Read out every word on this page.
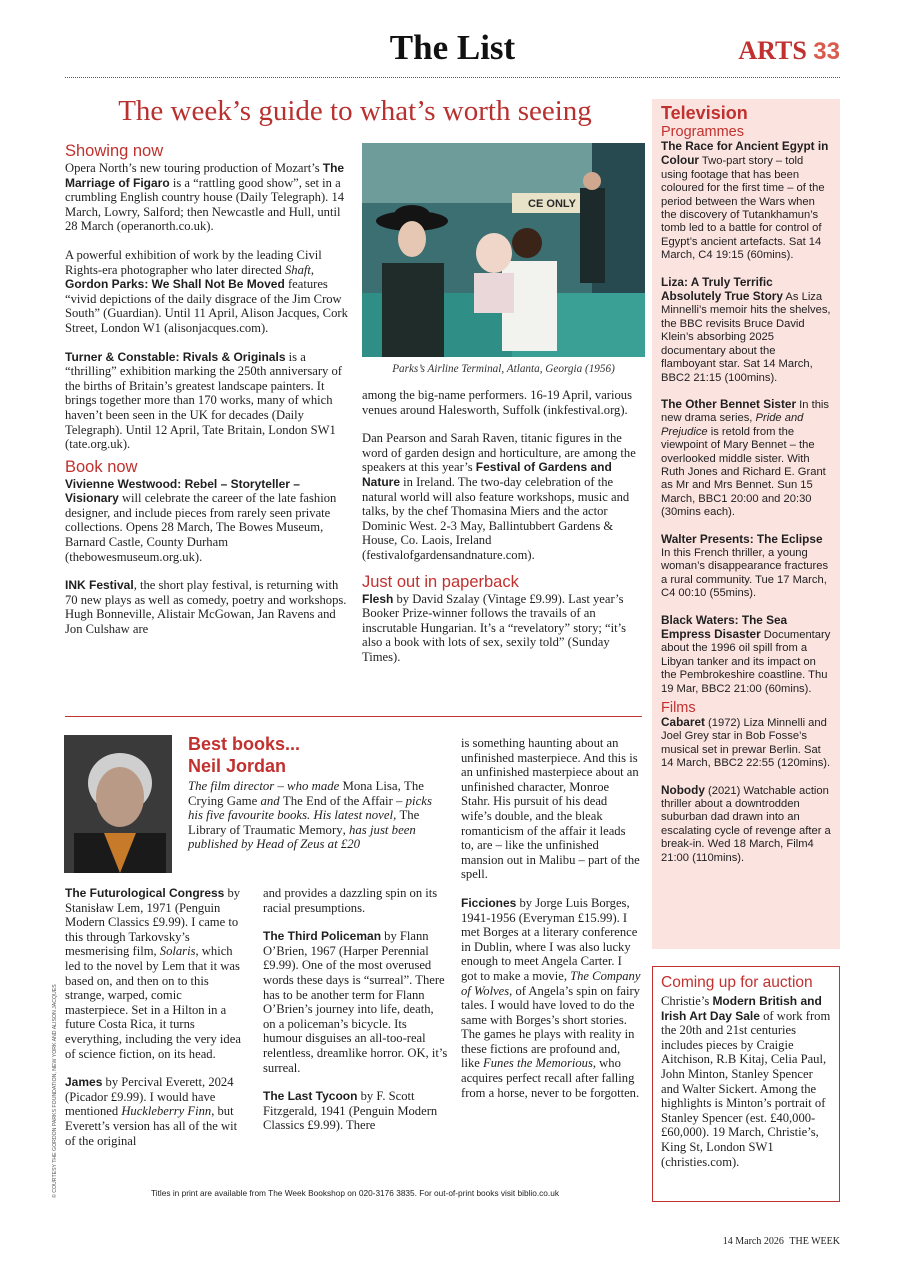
The List	ARTS 33
The week’s guide to what’s worth seeing
Showing now

Opera North’s new touring production of Mozart’s The Marriage of Figaro is a “rattling good show”, set in a crumbling English country house (Daily Telegraph). 14 March, Lowry, Salford; then Newcastle and Hull, until 28 March (operanorth.co.uk).

A powerful exhibition of work by the leading Civil Rights-era photographer who later directed Shaft, Gordon Parks: We Shall Not Be Moved features “vivid depictions of the daily disgrace of the Jim Crow South” (Guardian). Until 11 April, Alison Jacques, Cork Street, London W1 (alisonjacques.com).

Turner & Constable: Rivals & Originals is a “thrilling” exhibition marking the 250th anniversary of the births of Britain’s greatest landscape painters. It brings together more than 170 works, many of which haven’t been seen in the UK for decades (Daily Telegraph). Until 12 April, Tate Britain, London SW1 (tate.org.uk).

Book now

Vivienne Westwood: Rebel – Storyteller – Visionary will celebrate the career of the late fashion designer, and include pieces from rarely seen private collections. Opens 28 March, The Bowes Museum, Barnard Castle, County Durham (thebowesmuseum.org.uk).

INK Festival, the short play festival, is returning with 70 new plays as well as comedy, poetry and workshops. Hugh Bonneville, Alistair McGowan, Jan Ravens and Jon Culshaw are

CE ONLY
Parks’s Airline Terminal, Atlanta, Georgia (1956)

among the big-name performers. 16-19 April, various venues around Halesworth, Suffolk (inkfestival.org).

Dan Pearson and Sarah Raven, titanic figures in the word of garden design and horticulture, are among the speakers at this year’s Festival of Gardens and Nature in Ireland. The two-day celebration of the natural world will also feature workshops, music and talks, by the chef Thomasina Miers and the actor Dominic West. 2-3 May, Ballintubbert Gardens & House, Co. Laois, Ireland (festivalofgardensandnature.com).

Just out in paperback

Flesh by David Szalay (Vintage £9.99). Last year’s Booker Prize-winner follows the travails of an inscrutable Hungarian. It’s a “revelatory” story; “it’s also a book with lots of sex, sexily told” (Sunday Times).

Television
Programmes

The Race for Ancient Egypt in Colour Two-part story – told using footage that has been coloured for the first time – of the period between the Wars when the discovery of Tutankhamun’s tomb led to a battle for control of Egypt’s ancient artefacts. Sat 14 March, C4 19:15 (60mins).

Liza: A Truly Terrific Absolutely True Story As Liza Minnelli’s memoir hits the shelves, the BBC revisits Bruce David Klein’s absorbing 2025 documentary about the flamboyant star. Sat 14 March, BBC2 21:15 (100mins).

The Other Bennet Sister In this new drama series, Pride and Prejudice is retold from the viewpoint of Mary Bennet – the overlooked middle sister. With Ruth Jones and Richard E. Grant as Mr and Mrs Bennet. Sun 15 March, BBC1 20:00 and 20:30 (30mins each).

Walter Presents: The Eclipse In this French thriller, a young woman’s disappearance fractures a rural community. Tue 17 March, C4 00:10 (55mins).

Black Waters: The Sea Empress Disaster Documentary about the 1996 oil spill from a Libyan tanker and its impact on the Pembrokeshire coastline. Thu 19 Mar, BBC2 21:00 (60mins).

Films

Cabaret (1972) Liza Minnelli and Joel Grey star in Bob Fosse’s musical set in prewar Berlin. Sat 14 March, BBC2 22:55 (120mins).

Nobody (2021) Watchable action thriller about a downtrodden suburban dad drawn into an escalating cycle of revenge after a break-in. Wed 18 March, Film4 21:00 (110mins).

Coming up for auction
Christie’s Modern British and Irish Art Day Sale of work from the 20th and 21st centuries includes pieces by Craigie Aitchison, R.B Kitaj, Celia Paul, John Minton, Stanley Spencer and Walter Sickert. Among the highlights is Minton’s portrait of Stanley Spencer (est. £40,000-£60,000). 19 March, Christie’s, King St, London SW1 (christies.com).
Best books...
Neil Jordan
The film director – who made Mona Lisa, The Crying Game and The End of the Affair – picks his five favourite books. His latest novel, The Library of Traumatic Memory, has just been published by Head of Zeus at £20

The Futurological Congress by Stanisław Lem, 1971 (Penguin Modern Classics £9.99). I came to this through Tarkovsky’s mesmerising film, Solaris, which led to the novel by Lem that it was based on, and then on to this strange, warped, comic masterpiece. Set in a Hilton in a future Costa Rica, it turns everything, including the very idea of science fiction, on its head.

James by Percival Everett, 2024 (Picador £9.99). I would have mentioned Huckleberry Finn, but Everett’s version has all of the wit of the original

and provides a dazzling spin on its racial presumptions.

The Third Policeman by Flann O’Brien, 1967 (Harper Perennial £9.99). One of the most overused words these days is “surreal”. There has to be another term for Flann O’Brien’s journey into life, death, on a policeman’s bicycle. Its humour disguises an all-too-real relentless, dreamlike horror. OK, it’s surreal.

The Last Tycoon by F. Scott Fitzgerald, 1941 (Penguin Modern Classics £9.99). There

is something haunting about an unfinished masterpiece. And this is an unfinished masterpiece about an unfinished character, Monroe Stahr. His pursuit of his dead wife’s double, and the bleak romanticism of the affair it leads to, are – like the unfinished mansion out in Malibu – part of the spell.

Ficciones by Jorge Luis Borges, 1941-1956 (Everyman £15.99). I met Borges at a literary conference in Dublin, where I was also lucky enough to meet Angela Carter. I got to make a movie, The Company of Wolves, of Angela’s spin on fairy tales. I would have loved to do the same with Borges’s short stories. The games he plays with reality in these fictions are profound and, like Funes the Memorious, who acquires perfect recall after falling from a horse, never to be forgotten.

© COURTESY THE GORDON PARKS FOUNDATION, NEW YORK AND ALISON JACQUES	Titles in print are available from The Week Bookshop on 020-3176 3835. For out-of-print books visit biblio.co.uk
14 March 2026 THE WEEK
